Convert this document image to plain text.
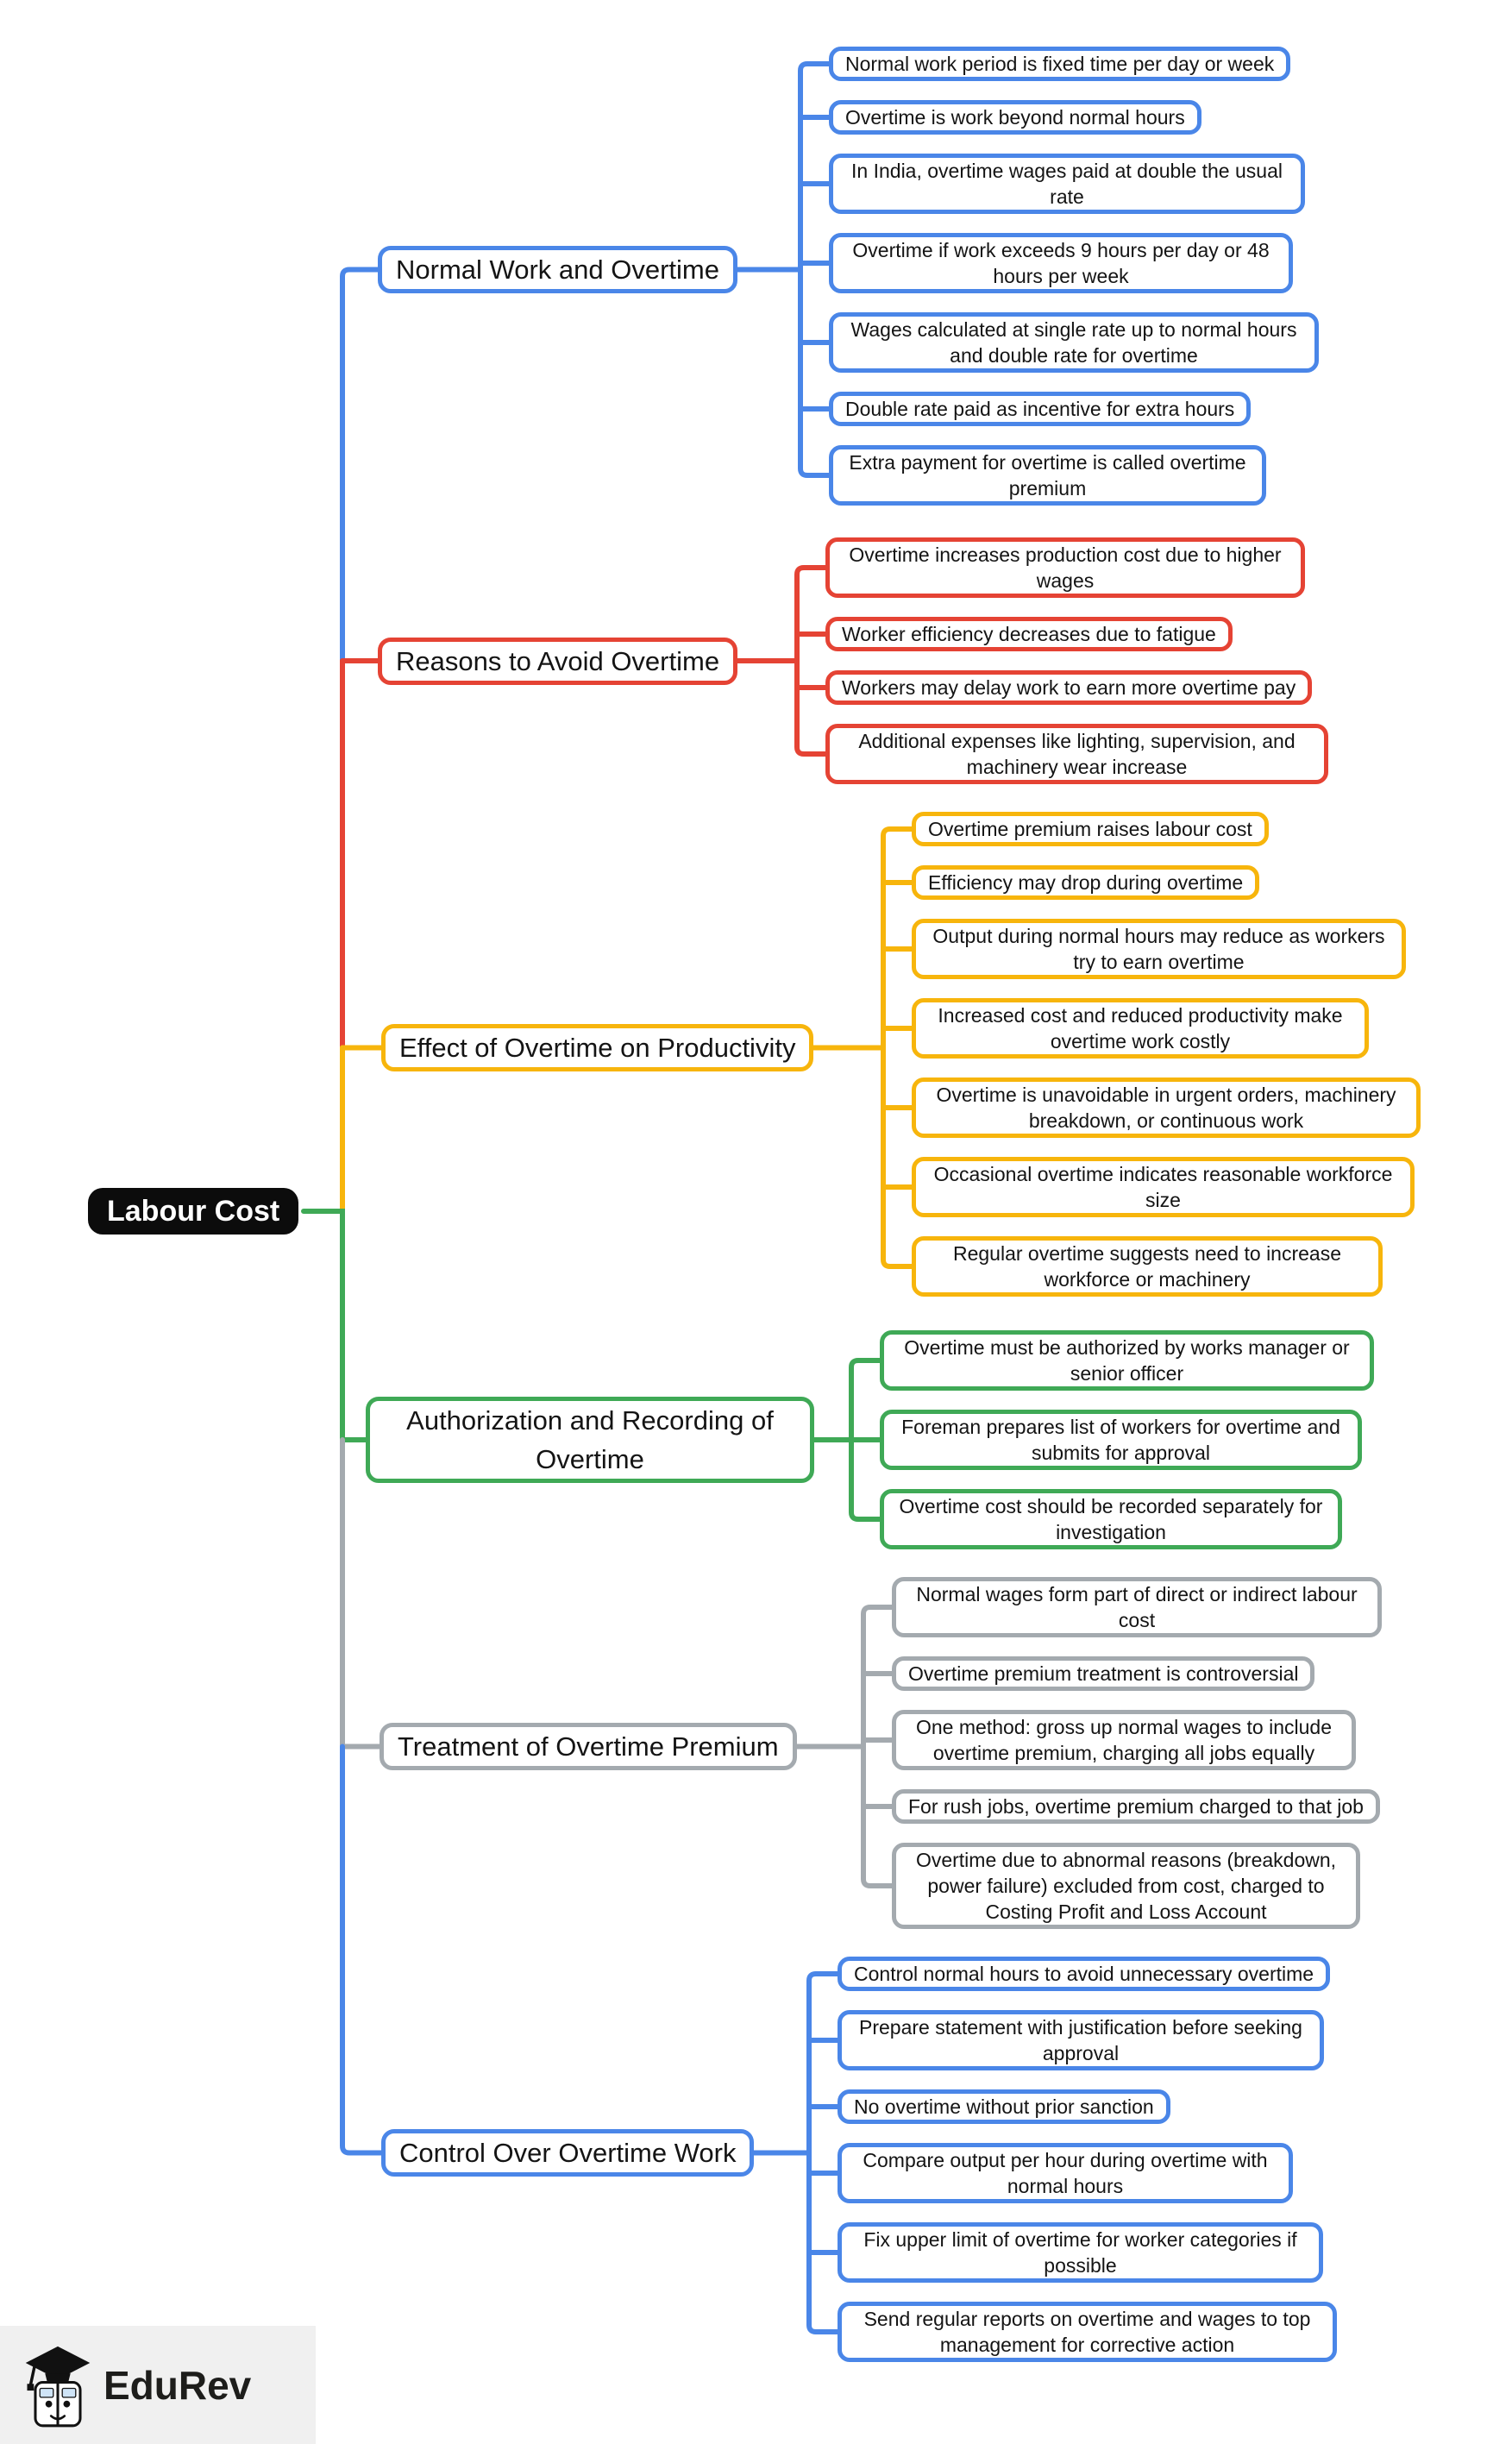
Labour Cost
Normal work period is fixed time per day or week
Overtime is work beyond normal hours
In India, overtime wages paid at double the usual rate
Overtime if work exceeds 9 hours per day or 48 hours per week
Wages calculated at single rate up to normal hours and double rate for overtime
Double rate paid as incentive for extra hours
Extra payment for overtime is called overtime premium
Normal Work and Overtime
Overtime increases production cost due to higher wages
Worker efficiency decreases due to fatigue
Workers may delay work to earn more overtime pay
Additional expenses like lighting, supervision, and machinery wear increase
Reasons to Avoid Overtime
Overtime premium raises labour cost
Efficiency may drop during overtime
Output during normal hours may reduce as workers try to earn overtime
Increased cost and reduced productivity make overtime work costly
Overtime is unavoidable in urgent orders, machinery breakdown, or continuous work
Occasional overtime indicates reasonable workforce size
Regular overtime suggests need to increase workforce or machinery
Effect of Overtime on Productivity
Overtime must be authorized by works manager or senior officer
Foreman prepares list of workers for overtime and submits for approval
Overtime cost should be recorded separately for investigation
Authorization and Recording of Overtime
Normal wages form part of direct or indirect labour cost
Overtime premium treatment is controversial
One method: gross up normal wages to include overtime premium, charging all jobs equally
For rush jobs, overtime premium charged to that job
Overtime due to abnormal reasons (breakdown, power failure) excluded from cost, charged to Costing Profit and Loss Account
Treatment of Overtime Premium
Control normal hours to avoid unnecessary overtime
Prepare statement with justification before seeking approval
No overtime without prior sanction
Compare output per hour during overtime with normal hours
Fix upper limit of overtime for worker categories if possible
Send regular reports on overtime and wages to top management for corrective action
Control Over Overtime Work
EduRev
